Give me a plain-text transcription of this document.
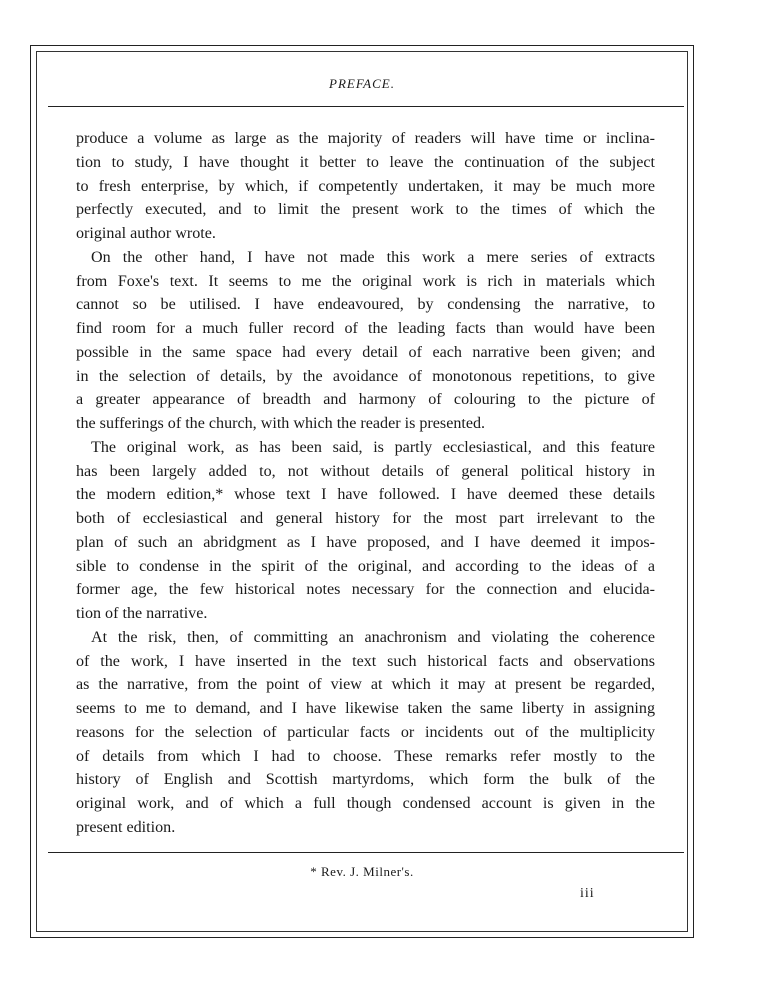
PREFACE.
produce a volume as large as the majority of readers will have time or inclina-
tion to study, I have thought it better to leave the continuation of the subject
to fresh enterprise, by which, if competently undertaken, it may be much more
perfectly executed, and to limit the present work to the times of which the
original author wrote.
On the other hand, I have not made this work a mere series of extracts
from Foxe's text. It seems to me the original work is rich in materials which
cannot so be utilised. I have endeavoured, by condensing the narrative, to
find room for a much fuller record of the leading facts than would have been
possible in the same space had every detail of each narrative been given; and
in the selection of details, by the avoidance of monotonous repetitions, to give
a greater appearance of breadth and harmony of colouring to the picture of
the sufferings of the church, with which the reader is presented.
The original work, as has been said, is partly ecclesiastical, and this feature
has been largely added to, not without details of general political history in
the modern edition,* whose text I have followed. I have deemed these details
both of ecclesiastical and general history for the most part irrelevant to the
plan of such an abridgment as I have proposed, and I have deemed it impos-
sible to condense in the spirit of the original, and according to the ideas of a
former age, the few historical notes necessary for the connection and elucida-
tion of the narrative.
At the risk, then, of committing an anachronism and violating the coherence
of the work, I have inserted in the text such historical facts and observations
as the narrative, from the point of view at which it may at present be regarded,
seems to me to demand, and I have likewise taken the same liberty in assigning
reasons for the selection of particular facts or incidents out of the multiplicity
of details from which I had to choose. These remarks refer mostly to the
history of English and Scottish martyrdoms, which form the bulk of the
original work, and of which a full though condensed account is given in the
present edition.
* Rev. J. Milner's.
iii
